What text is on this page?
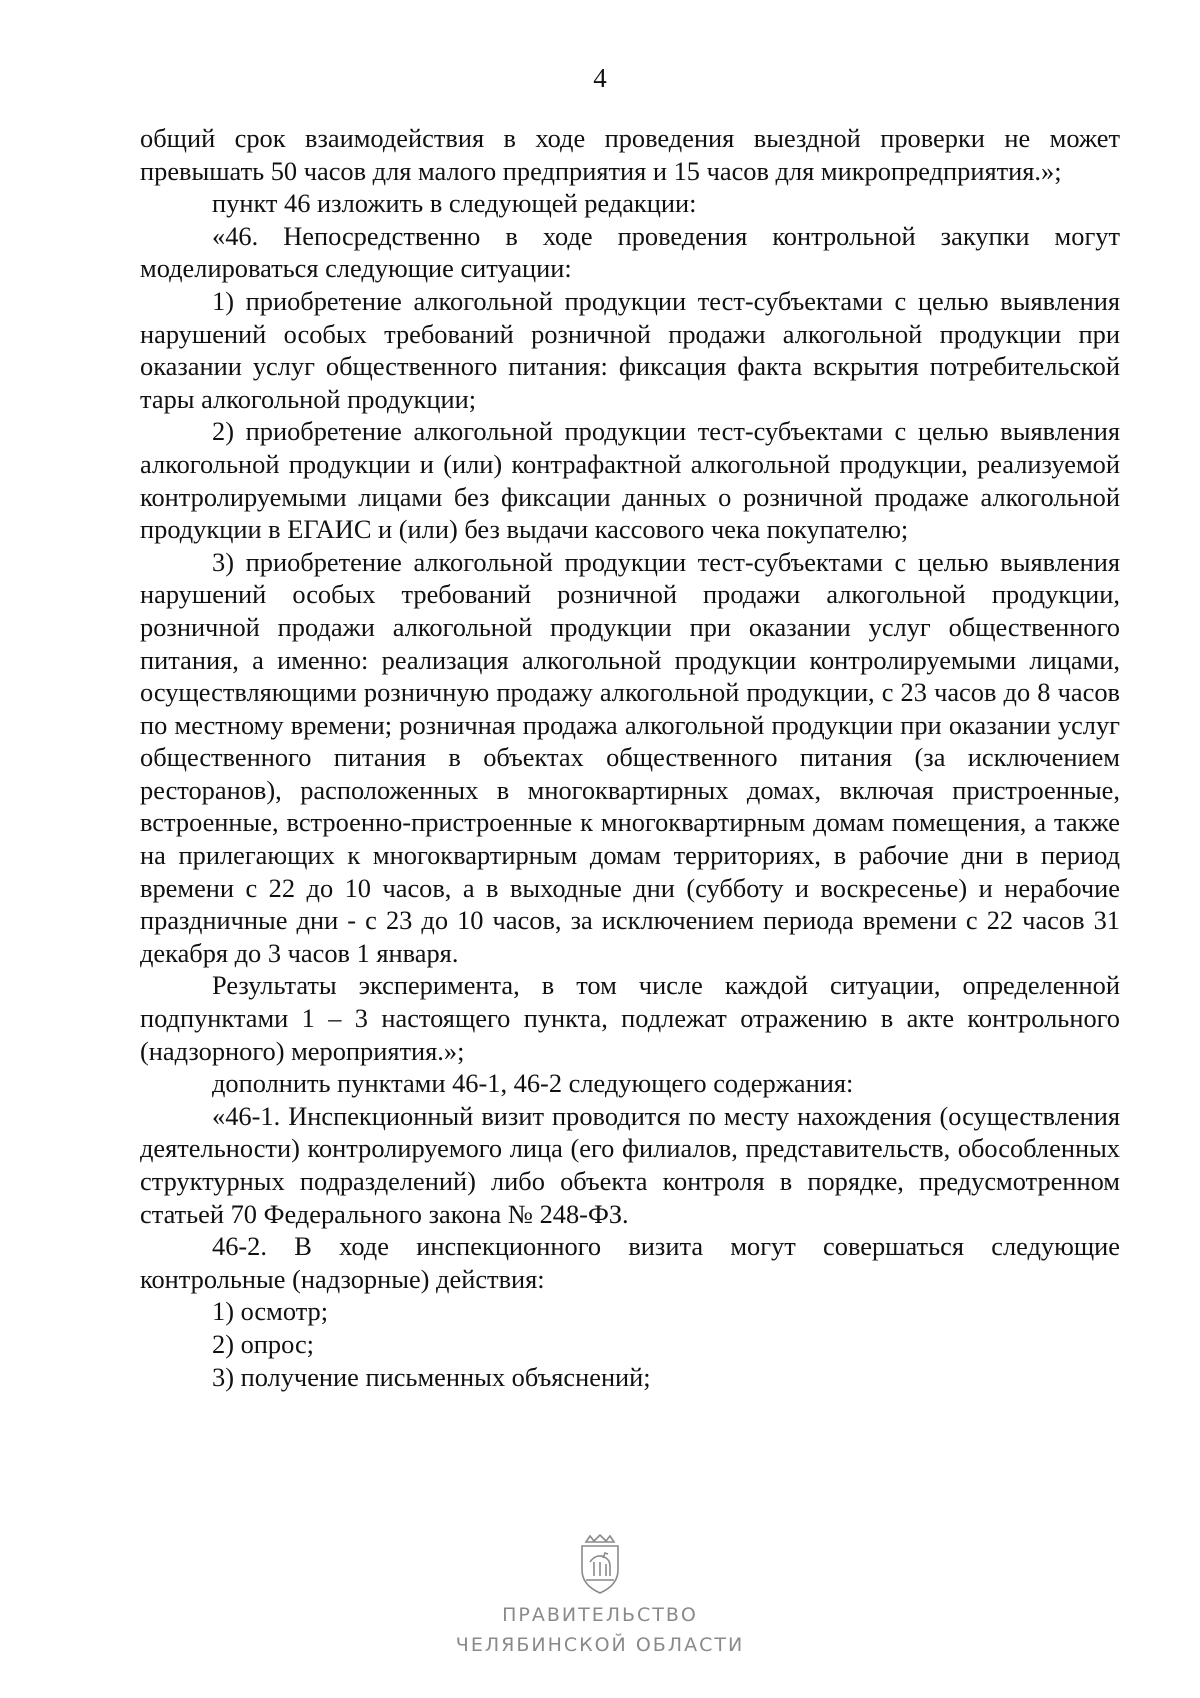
4

общий срок взаимодействия в ходе проведения выездной проверки не может превышать 50 часов для малого предприятия и 15 часов для микропредприятия.»;

пункт 46 изложить в следующей редакции:

«46. Непосредственно в ходе проведения контрольной закупки могут моделироваться следующие ситуации:

1) приобретение алкогольной продукции тест-субъектами с целью выявления нарушений особых требований розничной продажи алкогольной продукции при оказании услуг общественного питания: фиксация факта вскрытия потребительской тары алкогольной продукции;

2) приобретение алкогольной продукции тест-субъектами с целью выявления алкогольной продукции и (или) контрафактной алкогольной продукции, реализуемой контролируемыми лицами без фиксации данных о розничной продаже алкогольной продукции в ЕГАИС и (или) без выдачи кассового чека покупателю;

3) приобретение алкогольной продукции тест-субъектами с целью выявления нарушений особых требований розничной продажи алкогольной продукции, розничной продажи алкогольной продукции при оказании услуг общественного питания, а именно: реализация алкогольной продукции контролируемыми лицами, осуществляющими розничную продажу алкогольной продукции, с 23 часов до 8 часов по местному времени; розничная продажа алкогольной продукции при оказании услуг общественного питания в объектах общественного питания (за исключением ресторанов), расположенных в многоквартирных домах, включая пристроенные, встроенные, встроенно-пристроенные к многоквартирным домам помещения, а также на прилегающих к многоквартирным домам территориях, в рабочие дни в период времени с 22 до 10 часов, а в выходные дни (субботу и воскресенье) и нерабочие праздничные дни - с 23 до 10 часов, за исключением периода времени с 22 часов 31 декабря до 3 часов 1 января.

Результаты эксперимента, в том числе каждой ситуации, определенной подпунктами 1 – 3 настоящего пункта, подлежат отражению в акте контрольного (надзорного) мероприятия.»;

дополнить пунктами 46-1, 46-2 следующего содержания:

«46-1. Инспекционный визит проводится по месту нахождения (осуществления деятельности) контролируемого лица (его филиалов, представительств, обособленных структурных подразделений) либо объекта контроля в порядке, предусмотренном статьей 70 Федерального закона № 248-ФЗ.

46-2. В ходе инспекционного визита могут совершаться следующие контрольные (надзорные) действия:

1) осмотр;

2) опрос;

3) получение письменных объяснений;

ПРАВИТЕЛЬСТВО
ЧЕЛЯБИНСКОЙ ОБЛАСТИ
